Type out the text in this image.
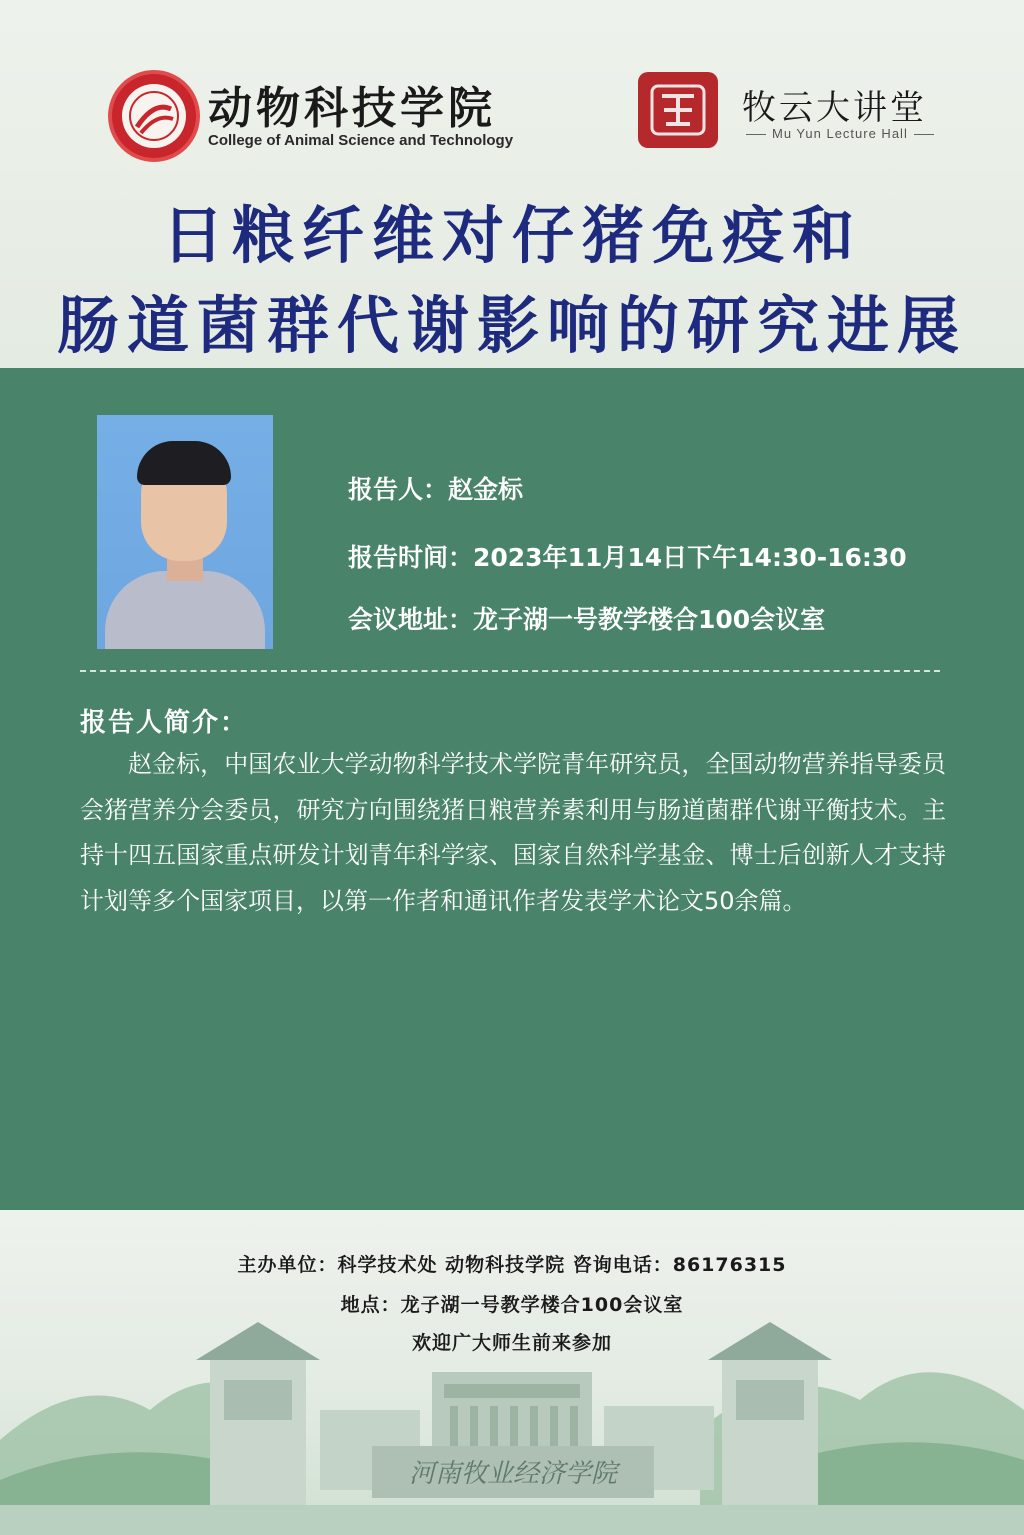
动物科技学院
College of Animal Science and Technology
牧云大讲堂
Mu Yun Lecture Hall
日粮纤维对仔猪免疫和
肠道菌群代谢影响的研究进展
报告人：赵金标
报告时间：2023年11月14日下午14:30-16:30
会议地址：龙子湖一号教学楼合100会议室
报告人简介：
赵金标，中国农业大学动物科学技术学院青年研究员，全国动物营养指导委员会猪营养分会委员，研究方向围绕猪日粮营养素利用与肠道菌群代谢平衡技术。主持十四五国家重点研发计划青年科学家、国家自然科学基金、博士后创新人才支持计划等多个国家项目，以第一作者和通讯作者发表学术论文50余篇。
河南牧业经济学院
主办单位：科学技术处 动物科技学院 咨询电话：86176315
地点：龙子湖一号教学楼合100会议室
欢迎广大师生前来参加
